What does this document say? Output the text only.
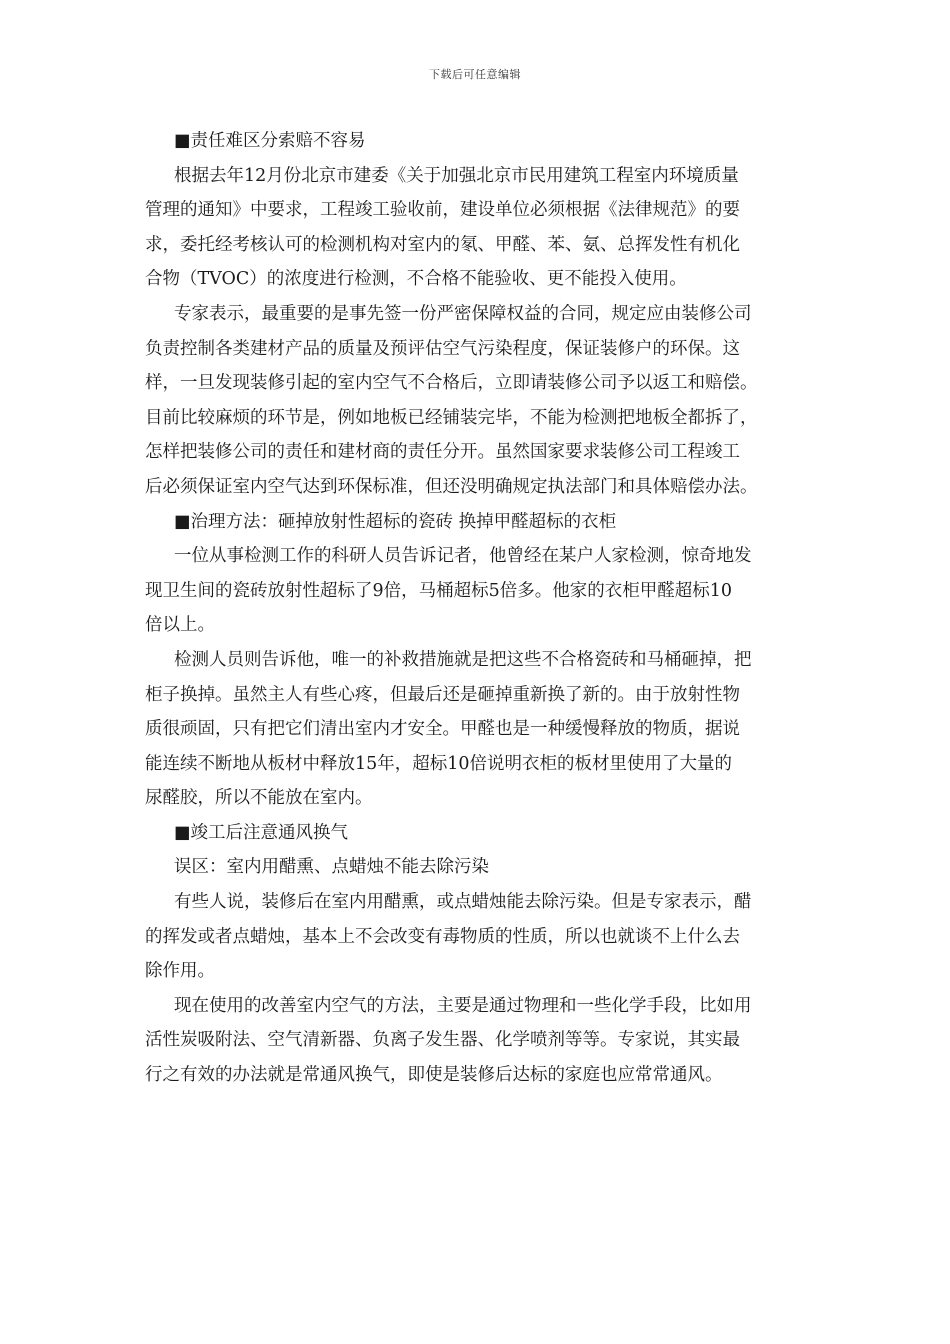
下载后可任意编辑
■责任难区分索赔不容易
根据去年12月份北京市建委《关于加强北京市民用建筑工程室内环境质量
管理的通知》中要求，工程竣工验收前，建设单位必须根据《法律规范》的要
求，委托经考核认可的检测机构对室内的氡、甲醛、苯、氨、总挥发性有机化
合物（TVOC）的浓度进行检测，不合格不能验收、更不能投入使用。
专家表示，最重要的是事先签一份严密保障权益的合同，规定应由装修公司
负责控制各类建材产品的质量及预评估空气污染程度，保证装修户的环保。这
样，一旦发现装修引起的室内空气不合格后，立即请装修公司予以返工和赔偿。
目前比较麻烦的环节是，例如地板已经铺装完毕，不能为检测把地板全都拆了，
怎样把装修公司的责任和建材商的责任分开。虽然国家要求装修公司工程竣工
后必须保证室内空气达到环保标准，但还没明确规定执法部门和具体赔偿办法。
■治理方法：砸掉放射性超标的瓷砖 换掉甲醛超标的衣柜
一位从事检测工作的科研人员告诉记者，他曾经在某户人家检测，惊奇地发
现卫生间的瓷砖放射性超标了9倍，马桶超标5倍多。他家的衣柜甲醛超标10
倍以上。
检测人员则告诉他，唯一的补救措施就是把这些不合格瓷砖和马桶砸掉，把
柜子换掉。虽然主人有些心疼，但最后还是砸掉重新换了新的。由于放射性物
质很顽固，只有把它们清出室内才安全。甲醛也是一种缓慢释放的物质，据说
能连续不断地从板材中释放15年，超标10倍说明衣柜的板材里使用了大量的
尿醛胶，所以不能放在室内。
■竣工后注意通风换气
误区：室内用醋熏、点蜡烛不能去除污染
有些人说，装修后在室内用醋熏，或点蜡烛能去除污染。但是专家表示，醋
的挥发或者点蜡烛，基本上不会改变有毒物质的性质，所以也就谈不上什么去
除作用。
现在使用的改善室内空气的方法，主要是通过物理和一些化学手段，比如用
活性炭吸附法、空气清新器、负离子发生器、化学喷剂等等。专家说，其实最
行之有效的办法就是常通风换气，即使是装修后达标的家庭也应常常通风。
